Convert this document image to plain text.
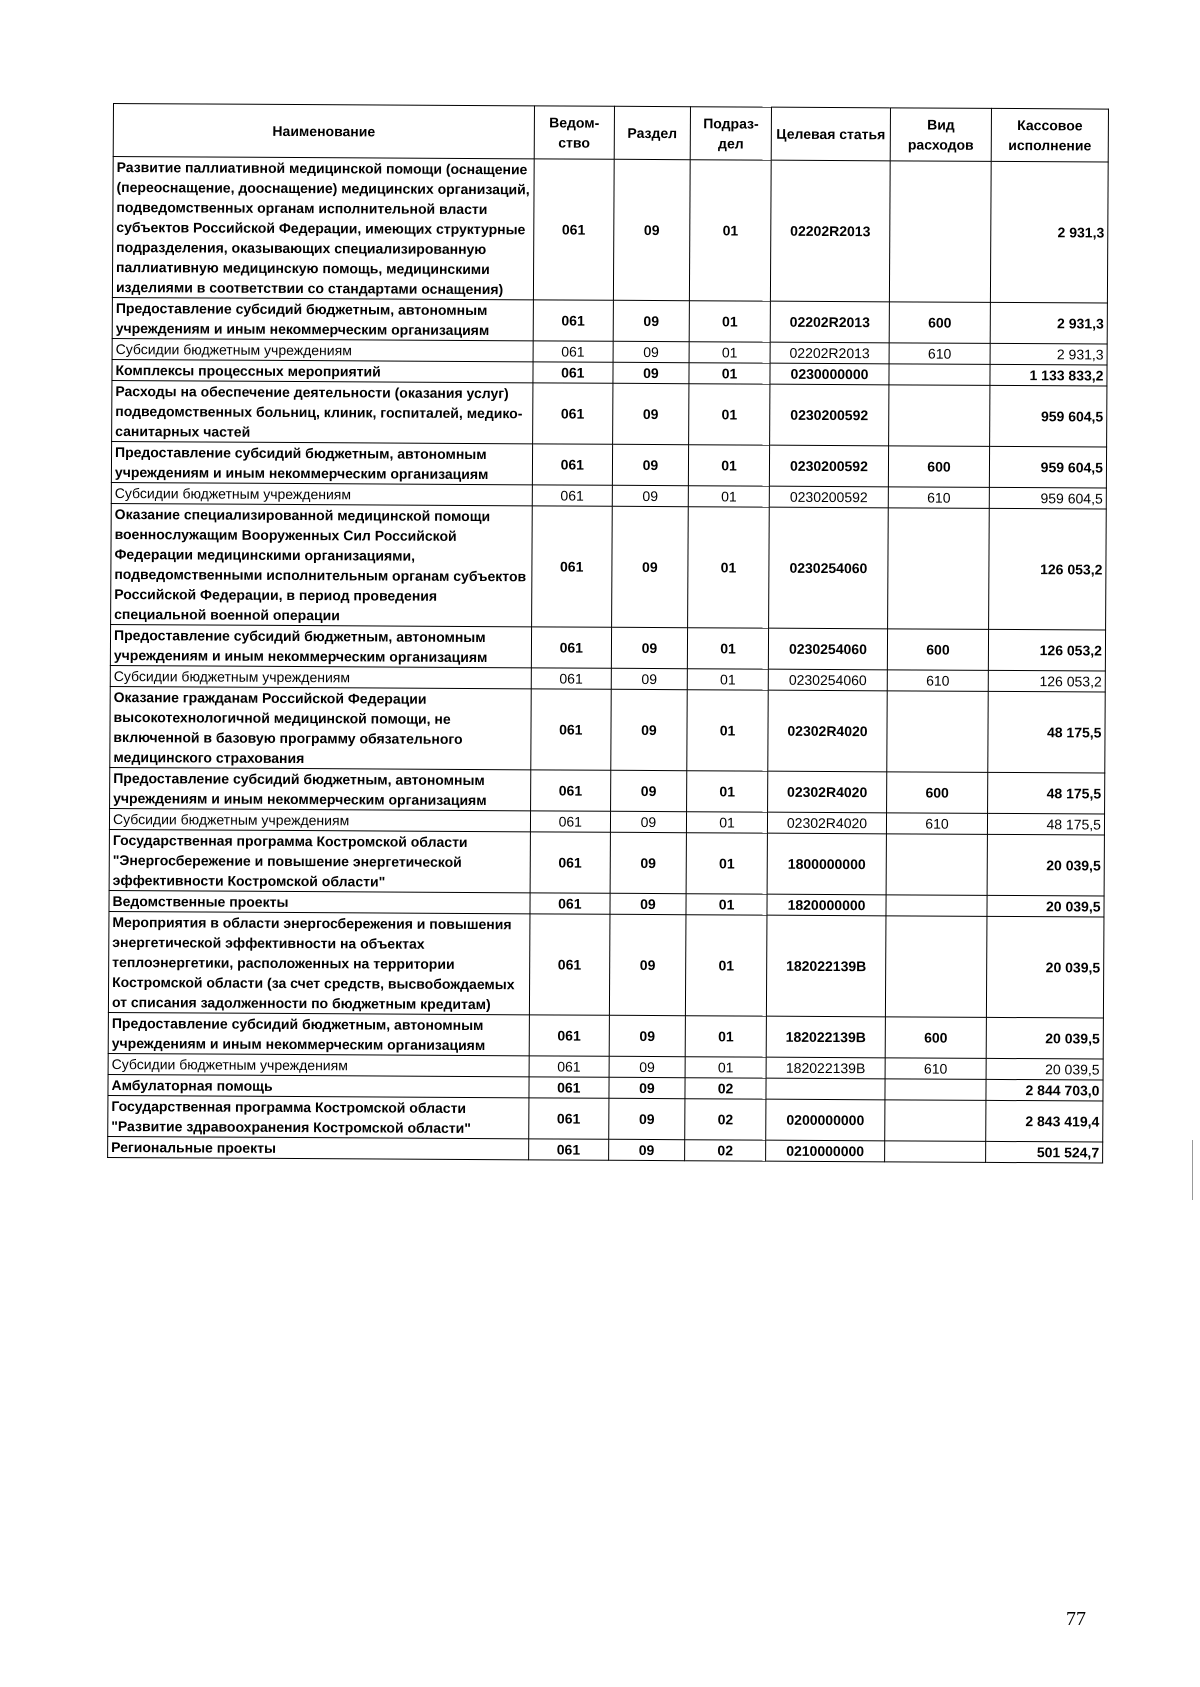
Наименование	Ведом-ство	Раздел	Подраз-дел	Целевая статья	Вид расходов	Кассовое исполнение
Развитие паллиативной медицинской помощи (оснащение (переоснащение, дооснащение) медицинских организаций, подведомственных органам исполнительной власти субъектов Российской Федерации, имеющих структурные подразделения, оказывающих специализированную паллиативную медицинскую помощь, медицинскими изделиями в соответствии со стандартами оснащения)	061	09	01	02202R2013		2 931,3
Предоставление субсидий бюджетным, автономным учреждениям и иным некоммерческим организациям	061	09	01	02202R2013	600	2 931,3
Субсидии бюджетным учреждениям	061	09	01	02202R2013	610	2 931,3
Комплексы процессных мероприятий	061	09	01	0230000000		1 133 833,2
Расходы на обеспечение деятельности (оказания услуг) подведомственных больниц, клиник, госпиталей, медико-санитарных частей	061	09	01	0230200592		959 604,5
Предоставление субсидий бюджетным, автономным учреждениям и иным некоммерческим организациям	061	09	01	0230200592	600	959 604,5
Субсидии бюджетным учреждениям	061	09	01	0230200592	610	959 604,5
Оказание специализированной медицинской помощи военнослужащим Вооруженных Сил Российской Федерации медицинскими организациями, подведомственными исполнительным органам субъектов Российской Федерации, в период проведения специальной военной операции	061	09	01	0230254060		126 053,2
Предоставление субсидий бюджетным, автономным учреждениям и иным некоммерческим организациям	061	09	01	0230254060	600	126 053,2
Субсидии бюджетным учреждениям	061	09	01	0230254060	610	126 053,2
Оказание гражданам Российской Федерации высокотехнологичной медицинской помощи, не включенной в базовую программу обязательного медицинского страхования	061	09	01	02302R4020		48 175,5
Предоставление субсидий бюджетным, автономным учреждениям и иным некоммерческим организациям	061	09	01	02302R4020	600	48 175,5
Субсидии бюджетным учреждениям	061	09	01	02302R4020	610	48 175,5
Государственная программа Костромской области "Энергосбережение и повышение энергетической эффективности Костромской области"	061	09	01	1800000000		20 039,5
Ведомственные проекты	061	09	01	1820000000		20 039,5
Мероприятия в области энергосбережения и повышения энергетической эффективности на объектах теплоэнергетики, расположенных на территории Костромской области (за счет средств, высвобождаемых от списания задолженности по бюджетным кредитам)	061	09	01	182022139В		20 039,5
Предоставление субсидий бюджетным, автономным учреждениям и иным некоммерческим организациям	061	09	01	182022139В	600	20 039,5
Субсидии бюджетным учреждениям	061	09	01	182022139В	610	20 039,5
Амбулаторная помощь	061	09	02			2 844 703,0
Государственная программа Костромской области "Развитие здравоохранения Костромской области"	061	09	02	0200000000		2 843 419,4
Региональные проекты	061	09	02	0210000000		501 524,7
77
